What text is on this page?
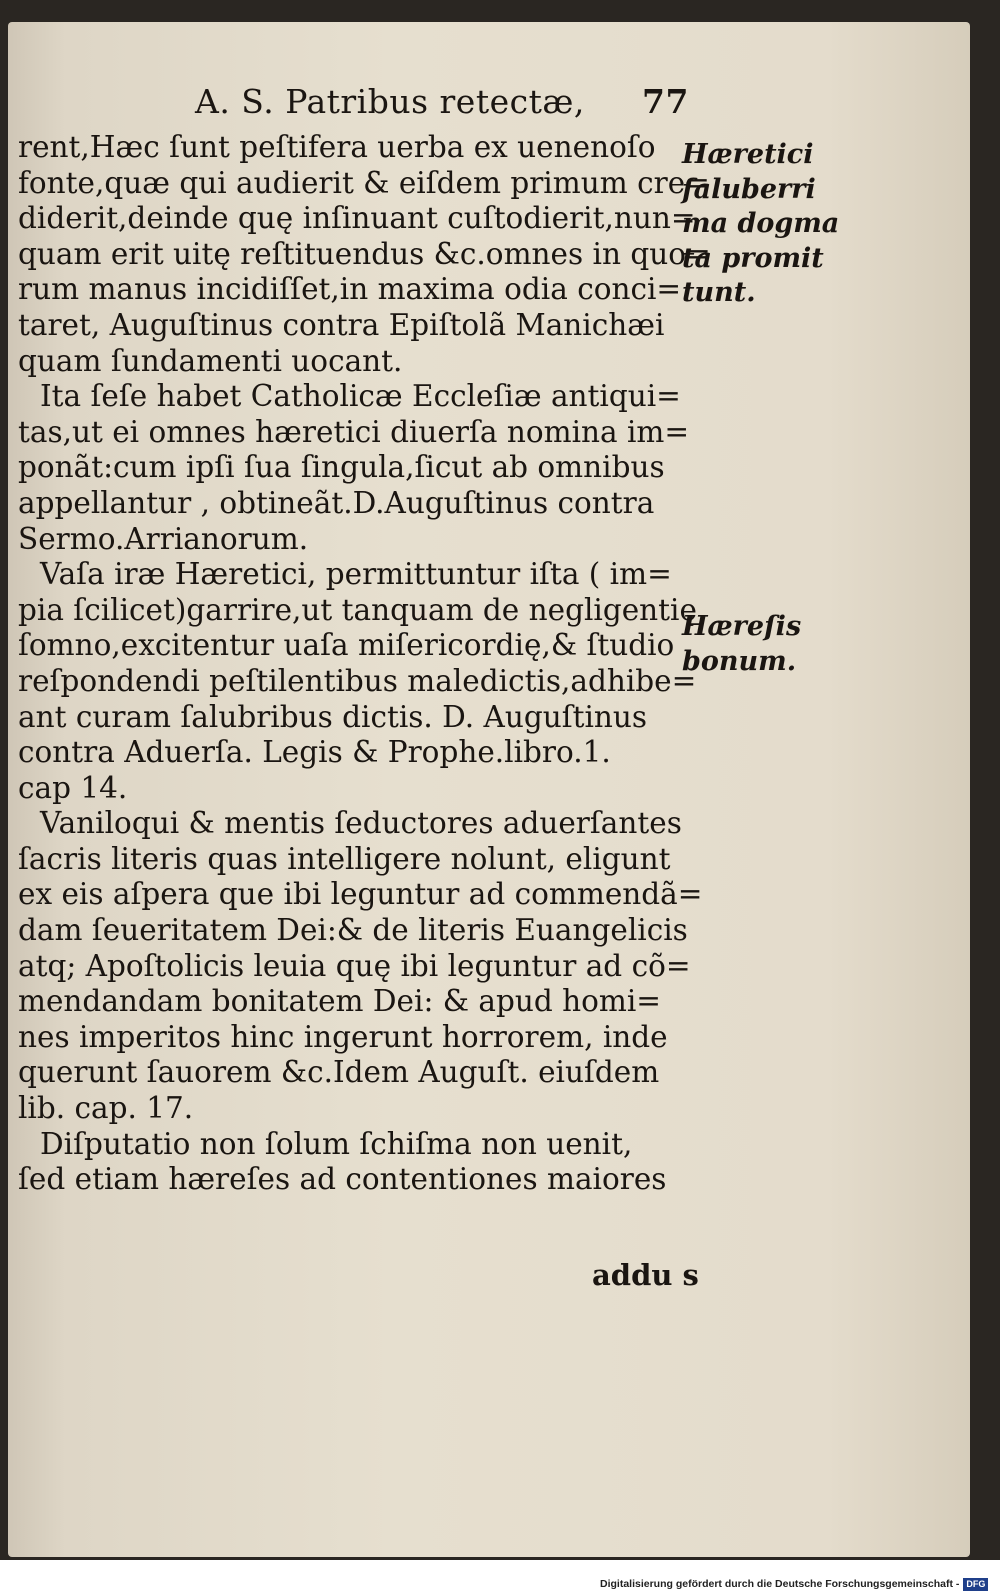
A. S. Patribus retectæ, 77
rent,Hæc ſunt peſtifera uerba ex uenenoſo
fonte,quæ qui audierit & eiſdem primum cre=
diderit,deinde quę inſinuant cuſtodierit,nun=
quam erit uitę reſtituendus &c.omnes in quo=
rum manus incidiſſet,in maxima odia conci=
taret, Auguſtinus contra Epiſtolã Manichæi
quam ſundamenti uocant.
Ita ſeſe habet Catholicæ Eccleſiæ antiqui=
tas,ut ei omnes hæretici diuerſa nomina im=
ponãt:cum ipſi ſua ſingula,ſicut ab omnibus
appellantur , obtineãt.D.Auguſtinus contra
Sermo.Arrianorum.
Vaſa iræ Hæretici, permittuntur iſta ( im=
pia ſcilicet)garrire,ut tanquam de negligentię
ſomno,excitentur uaſa miſericordię,& ſtudio
reſpondendi peſtilentibus maledictis,adhibe=
ant curam ſalubribus dictis. D. Auguſtinus
contra Aduerſa. Legis & Prophe.libro.1.
cap 14.
Vaniloqui & mentis ſeductores aduerſantes
ſacris literis quas intelligere nolunt, eligunt
ex eis aſpera que ibi leguntur ad commendã=
dam ſeueritatem Dei:& de literis Euangelicis
atq; Apoſtolicis leuia quę ibi leguntur ad cõ=
mendandam bonitatem Dei: & apud homi=
nes imperitos hinc ingerunt horrorem, inde
querunt ſauorem &c.Idem Auguſt. eiuſdem
lib. cap. 17.
Diſputatio non ſolum ſchiſma non uenit,
ſed etiam hæreſes ad contentiones maiores
addu s
Hæretici
ſaluberri
ma dogma
ta promit
tunt.
Hæreſis
bonum.
Digitalisierung gefördert durch die Deutsche Forschungsgemeinschaft - DFG
